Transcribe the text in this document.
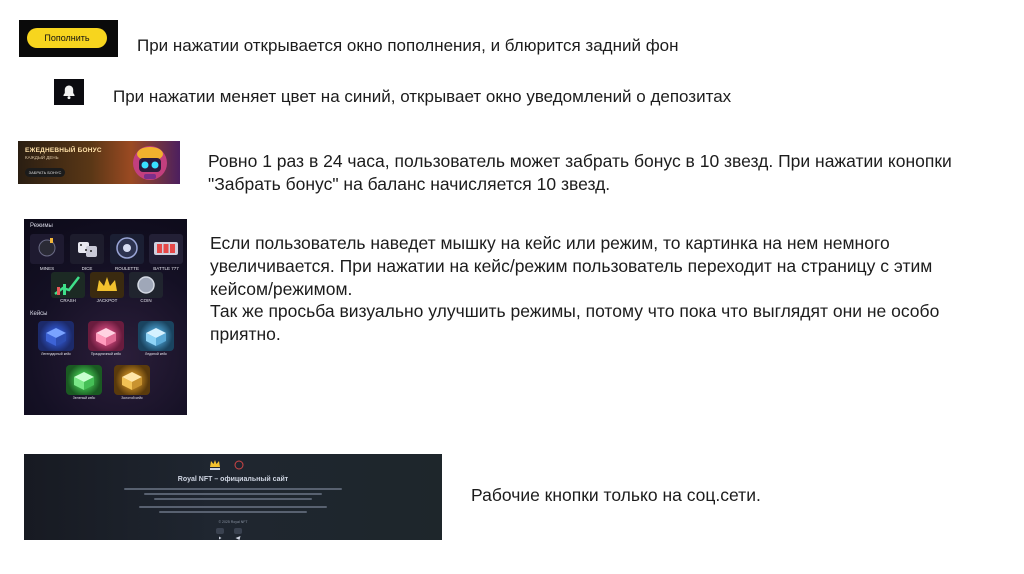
Пополнить	При нажатии открывается окно пополнения, и блюрится задний фон
При нажатии меняет цвет на синий, открывает окно уведомлений о депозитах
ЕЖЕДНЕВНЫЙ БОНУС
КАЖДЫЙ ДЕНЬ
ЗАБРАТЬ БОНУС
Ровно 1 раз в 24 часа, пользователь может забрать бонус в 10 звезд. При нажатии конопки "Забрать бонус" на баланс начисляется 10 звезд.
Режимы
MINES	DICE	ROULETTE	BATTLE 777
CRASH	JACKPOT	COIN
Кейсы
Легендарный кейс	Праздничный кейс	Ледяной кейс
Зеленый кейс	Золотой кейс
Если пользователь наведет мышку на кейс или режим, то картинка на нем немного увеличивается. При нажатии на кейс/режим пользователь переходит на страницу с этим кейсом/режимом.
Так же просьба визуально улучшить режимы, потому что пока что выглядят они не особо приятно.
Royal NFT – официальный сайт
© 2025 Royal NFT
Рабочие кнопки только на соц.сети.
